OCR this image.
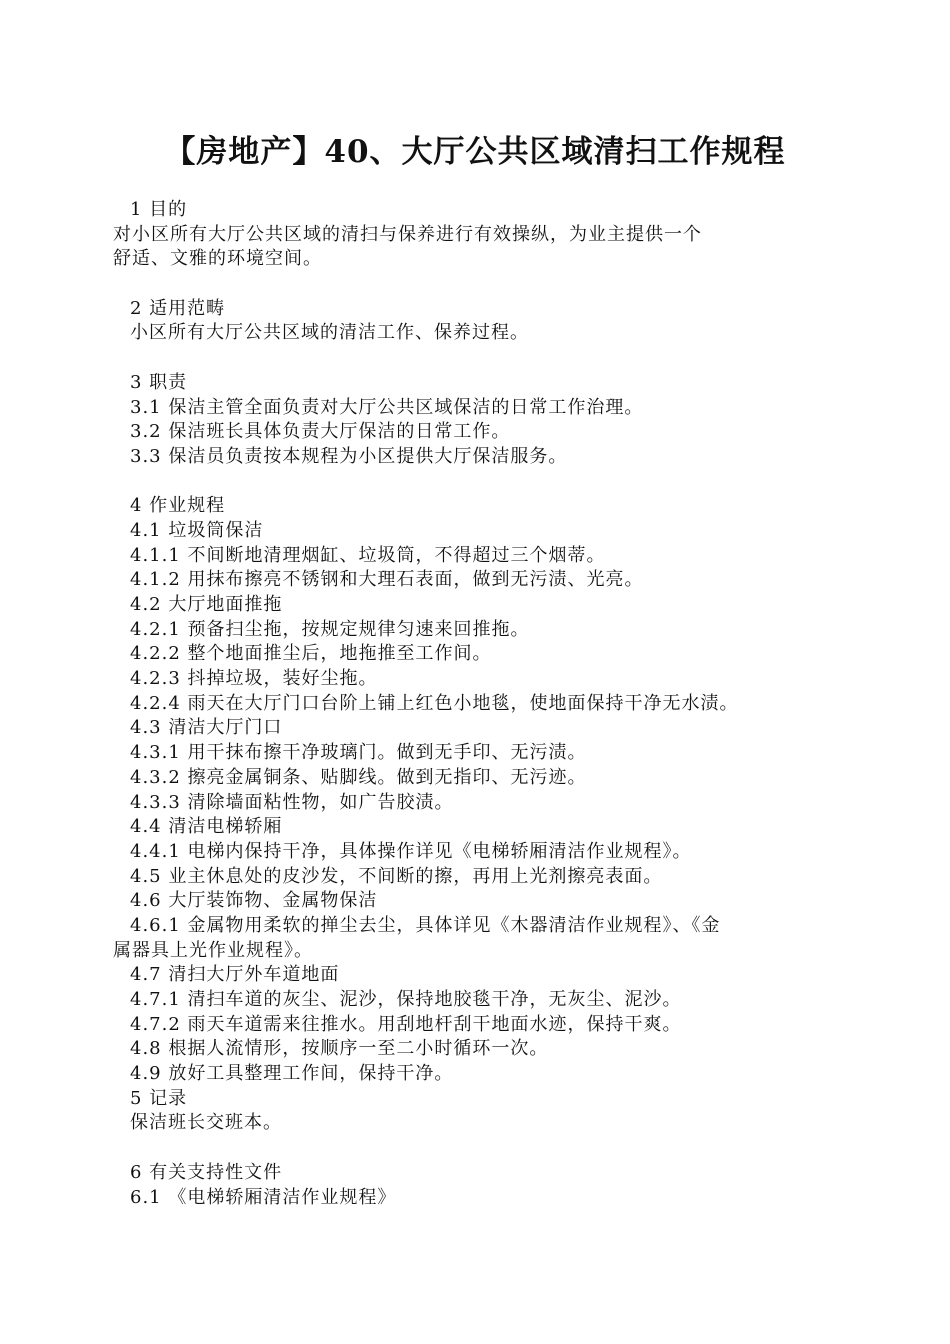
【房地产】40、大厅公共区域清扫工作规程
1 目的
对小区所有大厅公共区域的清扫与保养进行有效操纵，为业主提供一个
舒适、文雅的环境空间。
2 适用范畴
小区所有大厅公共区域的清洁工作、保养过程。
3 职责
3.1 保洁主管全面负责对大厅公共区域保洁的日常工作治理。
3.2 保洁班长具体负责大厅保洁的日常工作。
3.3 保洁员负责按本规程为小区提供大厅保洁服务。
4 作业规程
4.1 垃圾筒保洁
4.1.1 不间断地清理烟缸、垃圾筒，不得超过三个烟蒂。
4.1.2 用抹布擦亮不锈钢和大理石表面，做到无污渍、光亮。
4.2 大厅地面推拖
4.2.1 预备扫尘拖，按规定规律匀速来回推拖。
4.2.2 整个地面推尘后，地拖推至工作间。
4.2.3 抖掉垃圾，装好尘拖。
4.2.4 雨天在大厅门口台阶上铺上红色小地毯，使地面保持干净无水渍。
4.3 清洁大厅门口
4.3.1 用干抹布擦干净玻璃门。做到无手印、无污渍。
4.3.2 擦亮金属铜条、贴脚线。做到无指印、无污迹。
4.3.3 清除墙面粘性物，如广告胶渍。
4.4 清洁电梯轿厢
4.4.1 电梯内保持干净，具体操作详见《电梯轿厢清洁作业规程》。
4.5 业主休息处的皮沙发，不间断的擦，再用上光剂擦亮表面。
4.6 大厅装饰物、金属物保洁
4.6.1 金属物用柔软的掸尘去尘，具体详见《木器清洁作业规程》、《金
属器具上光作业规程》。
4.7 清扫大厅外车道地面
4.7.1 清扫车道的灰尘、泥沙，保持地胶毯干净，无灰尘、泥沙。
4.7.2 雨天车道需来往推水。用刮地杆刮干地面水迹，保持干爽。
4.8 根据人流情形，按顺序一至二小时循环一次。
4.9 放好工具整理工作间，保持干净。
5 记录
保洁班长交班本。
6 有关支持性文件
6.1 《电梯轿厢清洁作业规程》
